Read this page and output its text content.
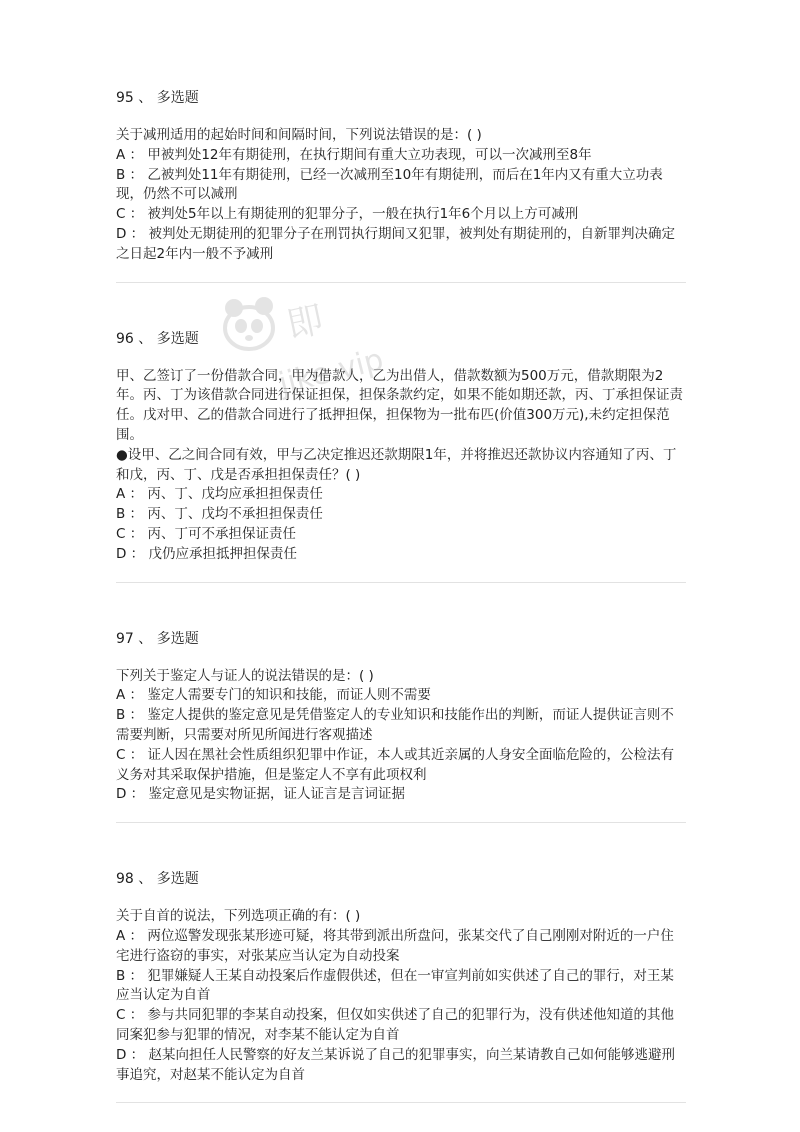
95 、 多选题

关于减刑适用的起始时间和间隔时间，下列说法错误的是：( )

A ： 甲被判处12年有期徒刑，在执行期间有重大立功表现，可以一次减刑至8年

B ： 乙被判处11年有期徒刑，已经一次减刑至10年有期徒刑，而后在1年内又有重大立功表现，仍然不可以减刑

C ： 被判处5年以上有期徒刑的犯罪分子，一般在执行1年6个月以上方可减刑

D ： 被判处无期徒刑的犯罪分子在刑罚执行期间又犯罪，被判处有期徒刑的，自新罪判决确定之日起2年内一般不予减刑

96 、 多选题

甲、乙签订了一份借款合同，甲为借款人，乙为出借人，借款数额为500万元，借款期限为2年。丙、丁为该借款合同进行保证担保，担保条款约定，如果不能如期还款，丙、丁承担保证责任。戊对甲、乙的借款合同进行了抵押担保，担保物为一批布匹(价值300万元),未约定担保范围。

●设甲、乙之间合同有效，甲与乙决定推迟还款期限1年，并将推迟还款协议内容通知了丙、丁和戊，丙、丁、戊是否承担担保责任？( )

A ： 丙、丁、戊均应承担担保责任

B ： 丙、丁、戊均不承担担保责任

C ： 丙、丁可不承担保证责任

D ： 戊仍应承担抵押担保责任

97 、 多选题

下列关于鉴定人与证人的说法错误的是：( )

A ： 鉴定人需要专门的知识和技能，而证人则不需要

B ： 鉴定人提供的鉴定意见是凭借鉴定人的专业知识和技能作出的判断，而证人提供证言则不需要判断，只需要对所见所闻进行客观描述

C ： 证人因在黑社会性质组织犯罪中作证，本人或其近亲属的人身安全面临危险的，公检法有义务对其采取保护措施，但是鉴定人不享有此项权利

D ： 鉴定意见是实物证据，证人证言是言词证据

98 、 多选题

关于自首的说法，下列选项正确的有：( )

A ： 两位巡警发现张某形迹可疑，将其带到派出所盘问，张某交代了自己刚刚对附近的一户住宅进行盗窃的事实，对张某应当认定为自动投案

B ： 犯罪嫌疑人王某自动投案后作虚假供述，但在一审宣判前如实供述了自己的罪行，对王某应当认定为自首

C ： 参与共同犯罪的李某自动投案，但仅如实供述了自己的犯罪行为，没有供述他知道的其他同案犯参与犯罪的情况，对李某不能认定为自首

D ： 赵某向担任人民警察的好友兰某诉说了自己的犯罪事实，向兰某请教自己如何能够逃避刑事追究，对赵某不能认定为自首

即
jike.vip
